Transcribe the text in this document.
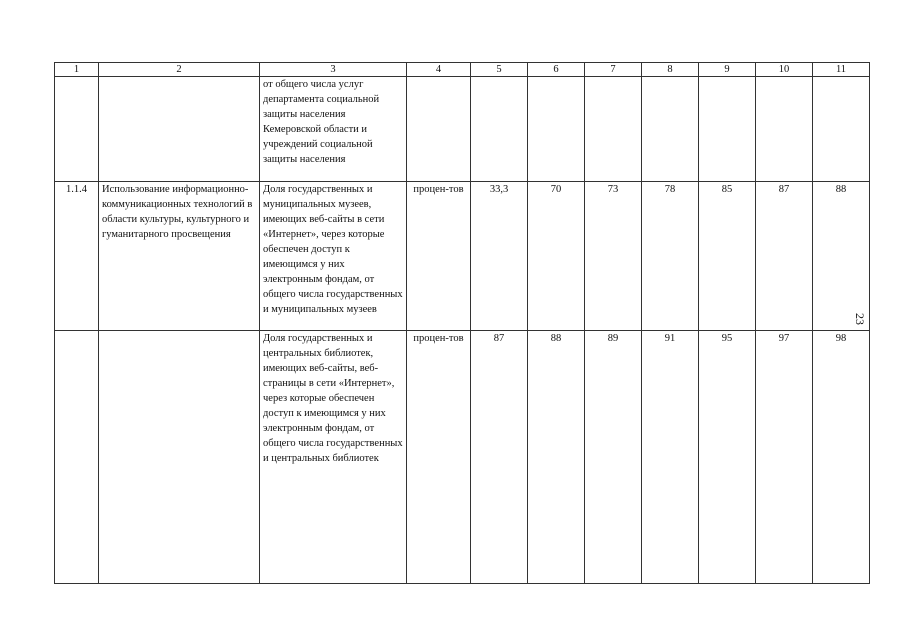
1	2	3	4	5	6	7	8	9	10	11
		от общего числа услуг департамента социальной защиты населения Кемеровской области и учреждений социальной защиты населения								
1.1.4	Использование информационно-коммуникационных технологий в области культуры, культурного и гуманитарного просвещения	Доля государственных и муниципальных музеев, имеющих веб-сайты в сети «Интернет», через которые обеспечен доступ к имеющимся у них электронным фондам, от общего числа государственных и муниципальных музеев	процен-тов	33,3	70	73	78	85	87	88
		Доля государственных и центральных библиотек, имеющих веб-сайты, веб-страницы в сети «Интернет», через которые обеспечен доступ к имеющимся у них электронным фондам, от общего числа государственных и центральных библиотек	процен-тов	87	88	89	91	95	97	98
23
